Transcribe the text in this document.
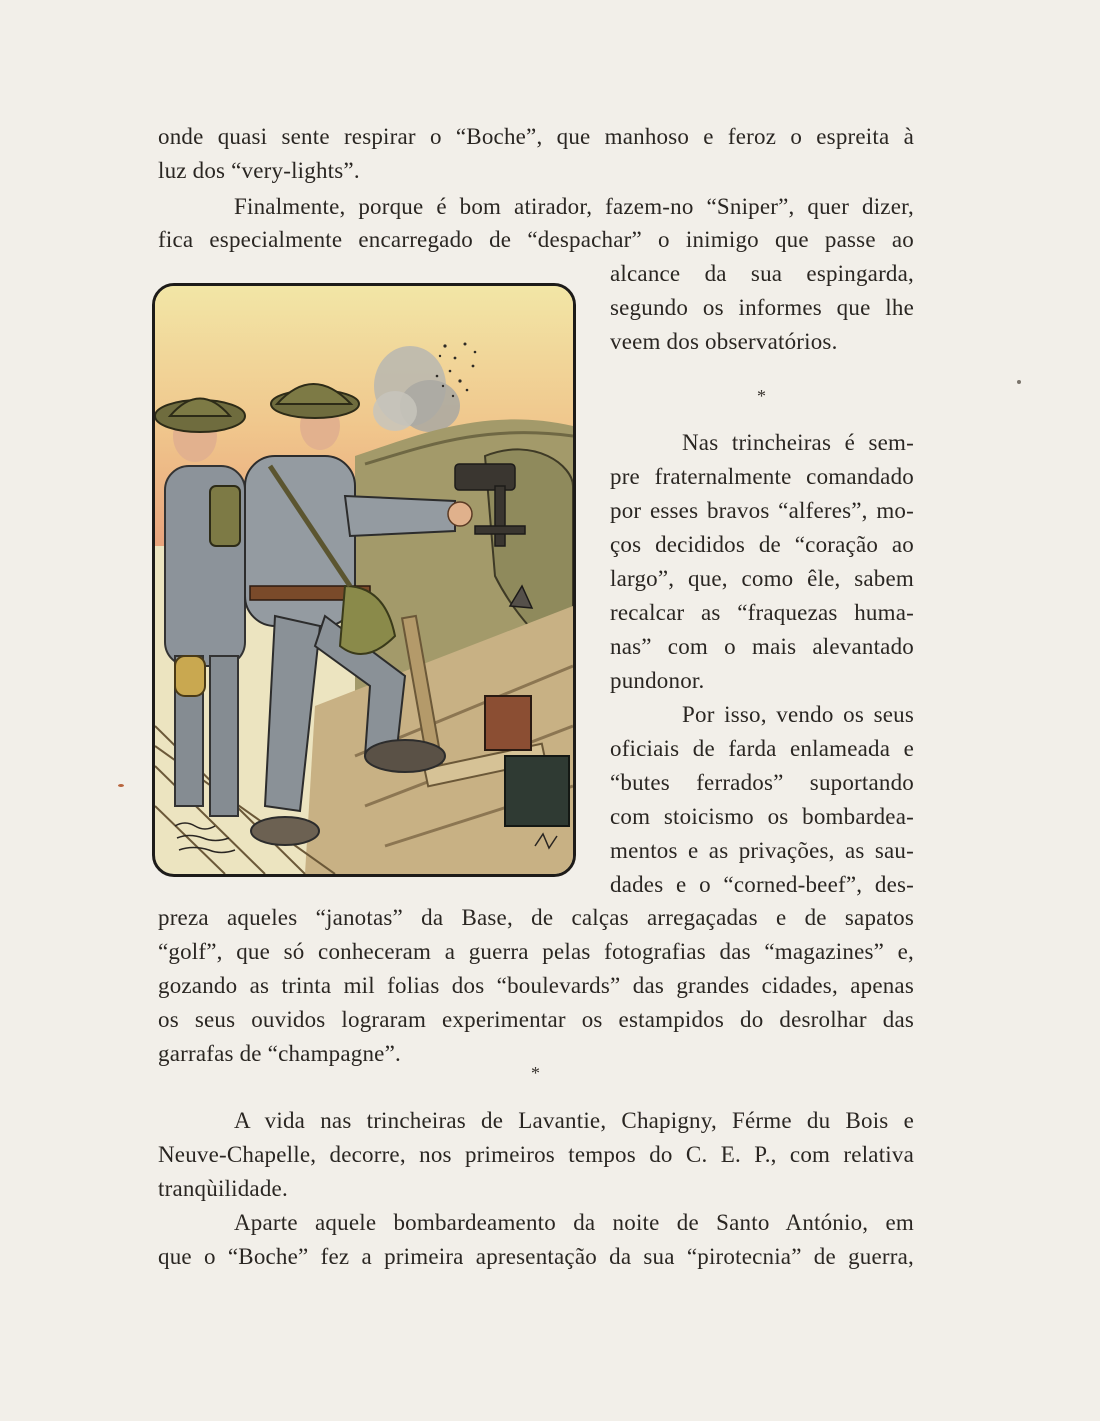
onde quasi sente respirar o “Boche”, que manhoso e feroz o espreita à
luz dos “very-lights”.
Finalmente, porque é bom atirador, fazem-no “Sniper”, quer dizer,
fica especialmente encarregado de “despachar” o inimigo que passe ao
alcance da sua espingarda,
segundo os informes que lhe
veem dos observatórios.
*
Nas trincheiras é sem-
pre fraternalmente comandado
por esses bravos “alferes”, mo-
ços decididos de “coração ao
largo”, que, como êle, sabem
recalcar as “fraquezas huma-
nas” com o mais alevantado
pundonor.
Por isso, vendo os seus
oficiais de farda enlameada e
“butes ferrados” suportando
com stoicismo os bombardea-
mentos e as privações, as sau-
dades e o “corned-beef”, des-
preza aqueles “janotas” da Base, de calças arregaçadas e de sapatos
“golf”, que só conheceram a guerra pelas fotografias das “magazines” e,
gozando as trinta mil folias dos “boulevards” das grandes cidades, apenas
os seus ouvidos lograram experimentar os estampidos do desrolhar das
garrafas de “champagne”.
*
A vida nas trincheiras de Lavantie, Chapigny, Férme du Bois e
Neuve-Chapelle, decorre, nos primeiros tempos do C. E. P., com relativa
tranqùilidade.
Aparte aquele bombardeamento da noite de Santo António, em
que o “Boche” fez a primeira apresentação da sua “pirotecnia” de guerra,
